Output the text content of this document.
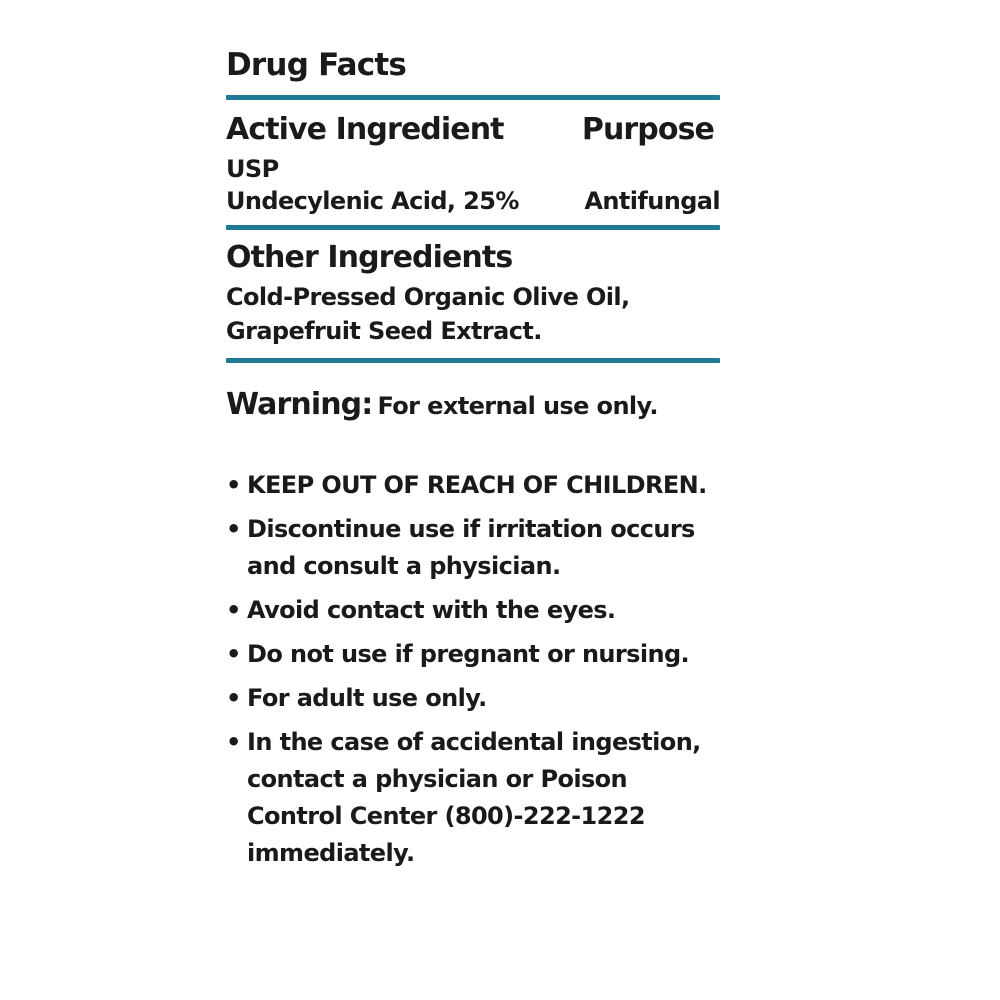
Drug Facts
Active Ingredient	Purpose
USP
Undecylenic Acid, 25%	Antifungal
Other Ingredients
Cold-Pressed Organic Olive Oil,
Grapefruit Seed Extract.
Warning: For external use only.
• KEEP OUT OF REACH OF CHILDREN.
• Discontinue use if irritation occurs
and consult a physician.
• Avoid contact with the eyes.
• Do not use if pregnant or nursing.
• For adult use only.
• In the case of accidental ingestion,
contact a physician or Poison
Control Center (800)-222-1222
immediately.
